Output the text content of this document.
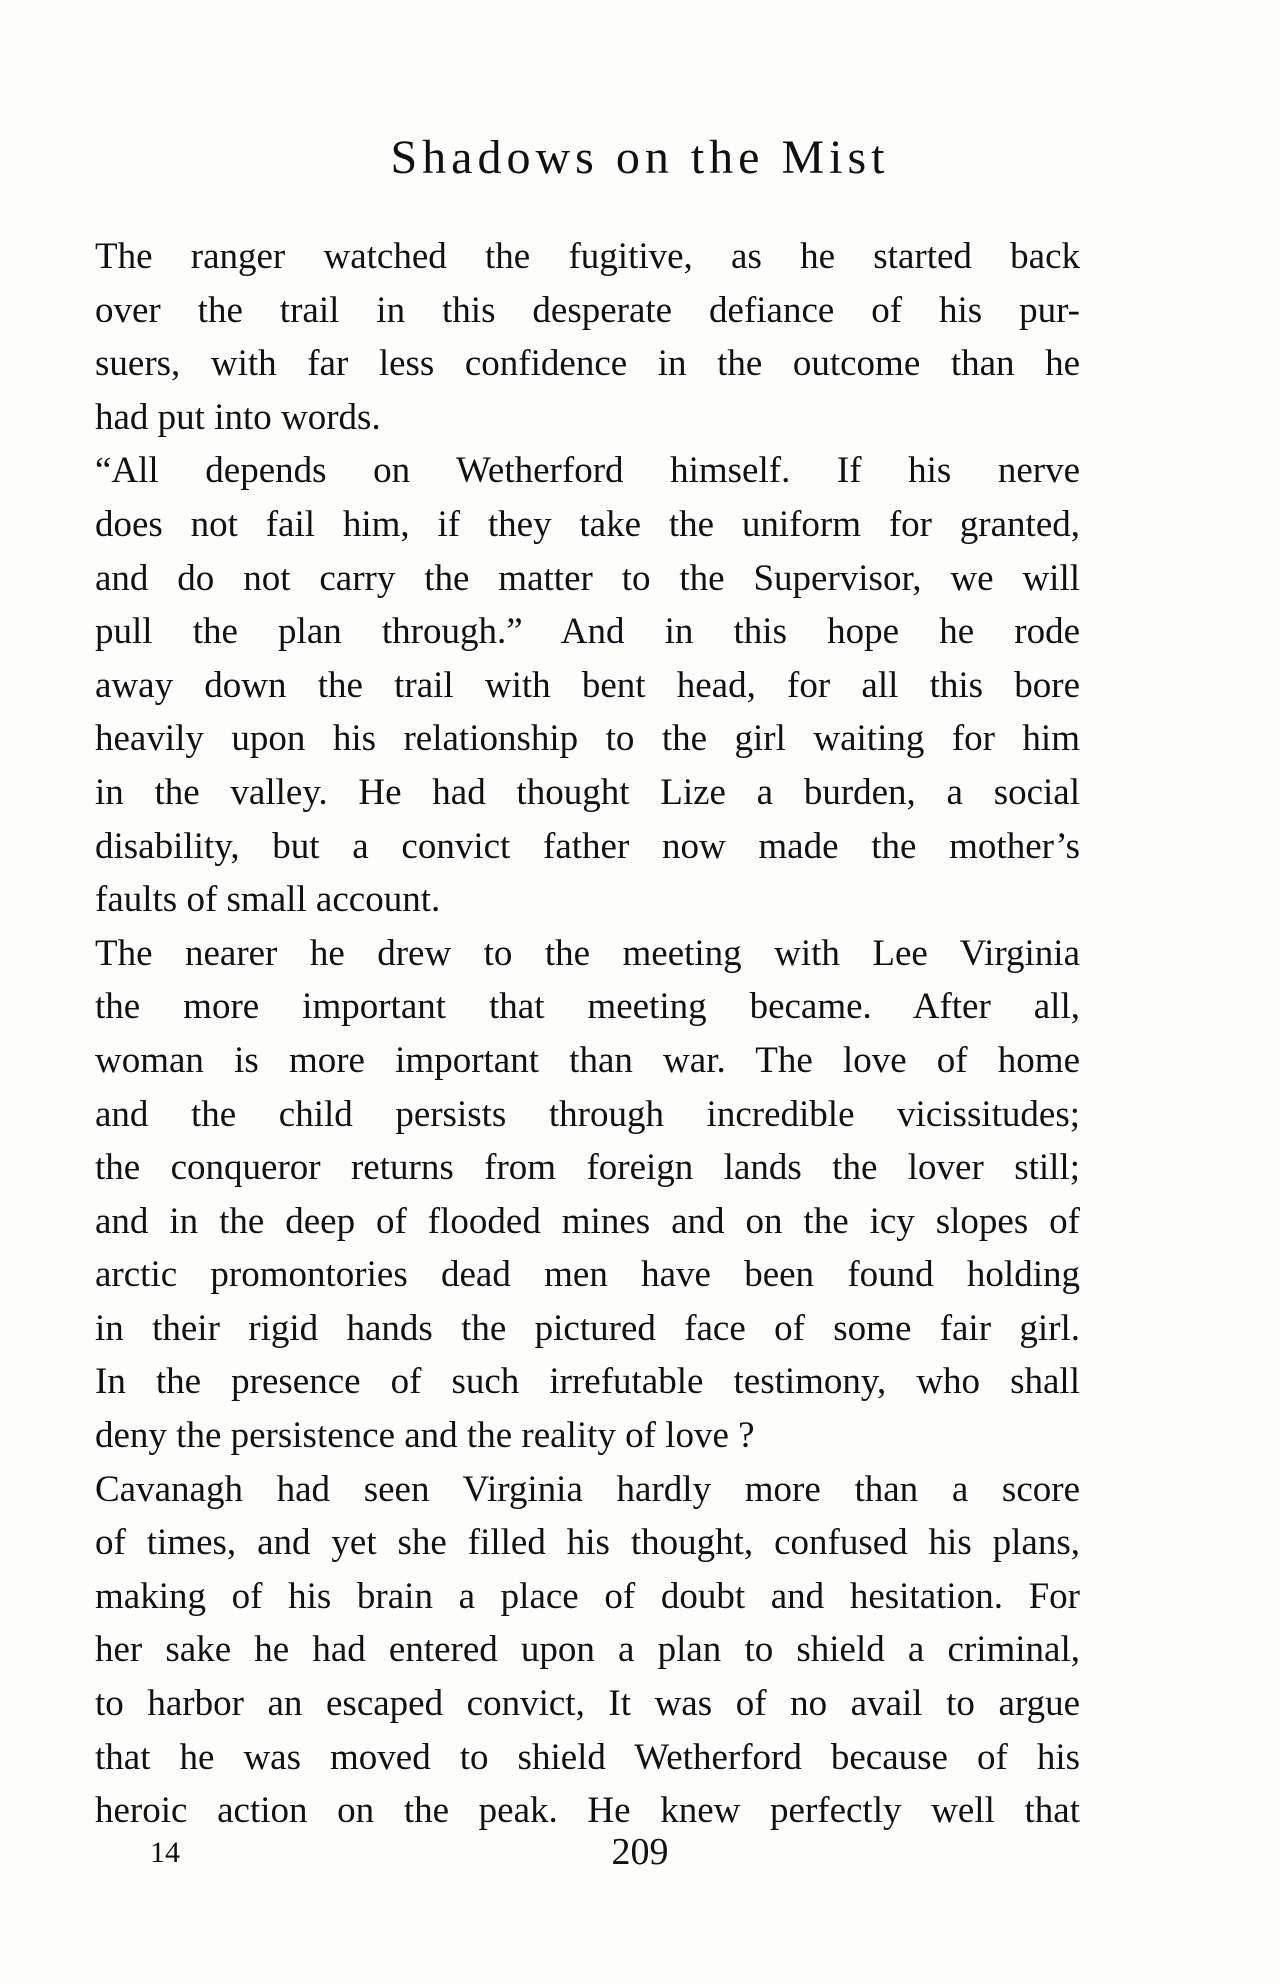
Shadows on the Mist
The ranger watched the fugitive, as he started back
over the trail in this desperate defiance of his pur-
suers, with far less confidence in the outcome than he
had put into words.
“All depends on Wetherford himself. If his nerve
does not fail him, if they take the uniform for granted,
and do not carry the matter to the Supervisor, we will
pull the plan through.” And in this hope he rode
away down the trail with bent head, for all this bore
heavily upon his relationship to the girl waiting for him
in the valley. He had thought Lize a burden, a social
disability, but a convict father now made the mother’s
faults of small account.
The nearer he drew to the meeting with Lee Virginia
the more important that meeting became. After all,
woman is more important than war. The love of home
and the child persists through incredible vicissitudes;
the conqueror returns from foreign lands the lover still;
and in the deep of flooded mines and on the icy slopes of
arctic promontories dead men have been found holding
in their rigid hands the pictured face of some fair girl.
In the presence of such irrefutable testimony, who shall
deny the persistence and the reality of love ?
Cavanagh had seen Virginia hardly more than a score
of times, and yet she filled his thought, confused his plans,
making of his brain a place of doubt and hesitation. For
her sake he had entered upon a plan to shield a criminal,
to harbor an escaped convict, It was of no avail to argue
that he was moved to shield Wetherford because of his
heroic action on the peak. He knew perfectly well that
14	209
